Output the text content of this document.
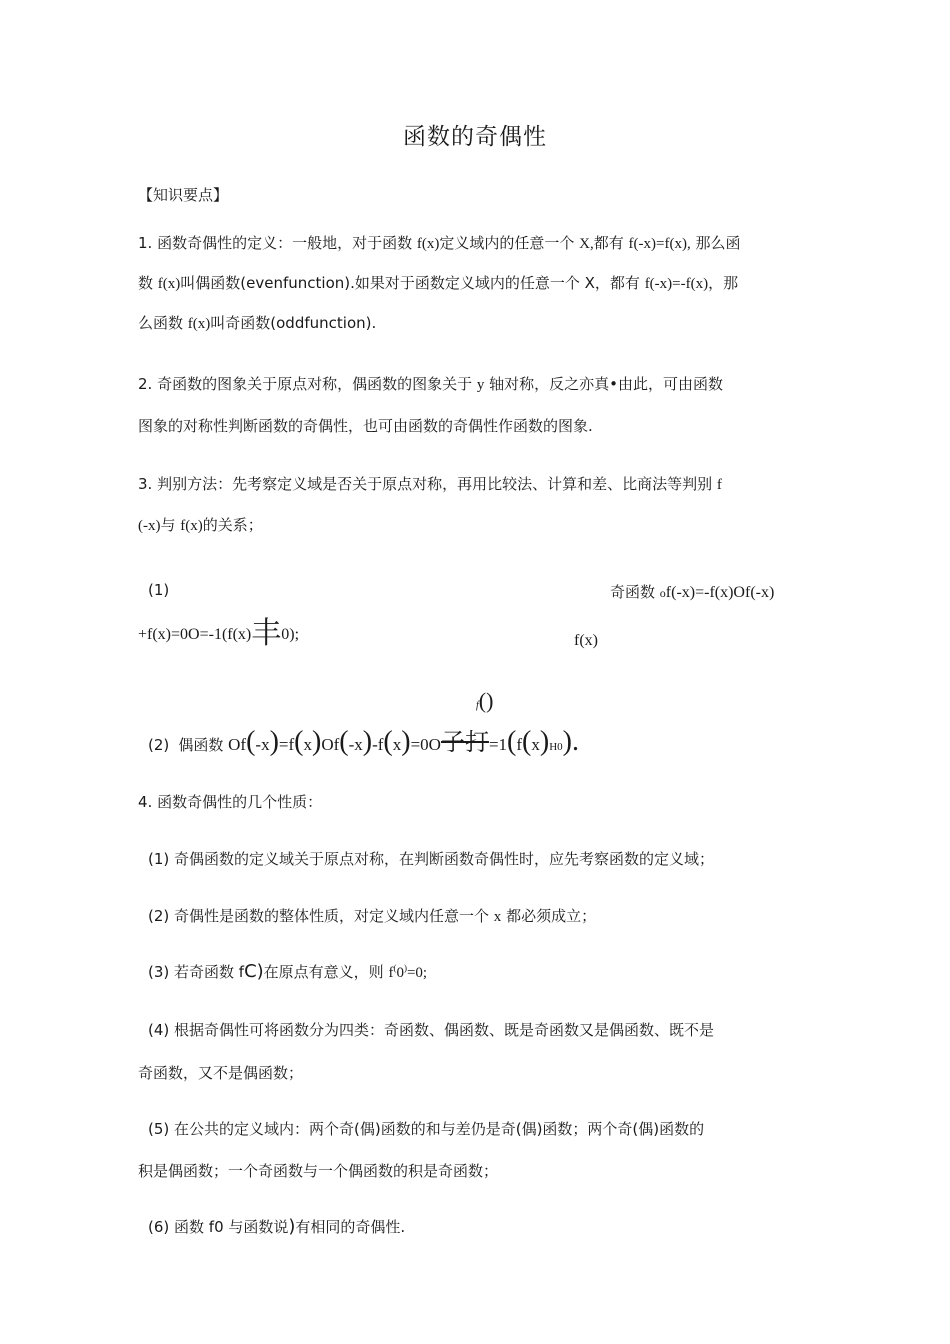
函数的奇偶性
【知识要点】
1. 函数奇偶性的定义：一般地，对于函数 f(x)定义域内的任意一个 X,都有 f(-x)=f(x), 那么函
数 f(x)叫偶函数(evenfunction).如果对于函数定义域内的任意一个 X，都有 f(-x)=-f(x)，那
么函数 f(x)叫奇函数(oddfunction).
2. 奇函数的图象关于原点对称，偶函数的图象关于 y 轴对称，反之亦真•由此，可由函数
图象的对称性判断函数的奇偶性，也可由函数的奇偶性作函数的图象.
3. 判别方法：先考察定义域是否关于原点对称，再用比较法、计算和差、比商法等判别 f
(-x)与 f(x)的关系；
(1)	奇函数 of(-x)=-f(x)Of(-x)
+f(x)=0O=-1(f(x)丰0);	f(x)
f()
(2) 偶函数 Of(-x)=f(x)Of(-x)-f(x)=0O子打=1(f(x)H0).
4. 函数奇偶性的几个性质：
(1) 奇偶函数的定义域关于原点对称，在判断函数奇偶性时，应先考察函数的定义域；
(2) 奇偶性是函数的整体性质，对定义域内任意一个 x 都必须成立；
(3) 若奇函数 fC)在原点有意义，则 f(0)=0;
(4) 根据奇偶性可将函数分为四类：奇函数、偶函数、既是奇函数又是偶函数、既不是
奇函数，又不是偶函数；
(5) 在公共的定义域内：两个奇(偶)函数的和与差仍是奇(偶)函数；两个奇(偶)函数的
积是偶函数；一个奇函数与一个偶函数的积是奇函数；
(6) 函数 f0 与函数说)有相同的奇偶性.
